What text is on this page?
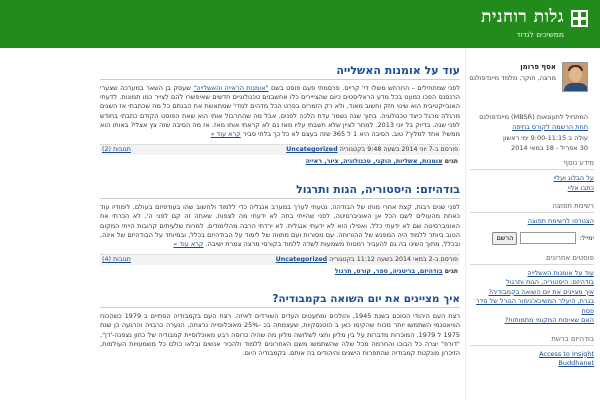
גלות רוחנית
ממשיכים לנדוד
אסף פרומן
מרצה, חוקר, מלמד מיינדפולנס
המתחיל לתעונאות (MBSR) מיינדפולנס
תחת הרשמה לקורס בחיפה
עולה ב 9:00-11:15 ימי ראשון
30 אפריל - 18 במאי 2014
מידע נוסף
על הבלוג ועליי
כתבו אליי
רשימת תפוצה
הצטרפו לרשימת תפוצה
ימייל:
הרשם
פוסטים אחרונים
עוד על אומנות האשלייה
בודהיזם: היסטוריה, הגות ותרגול
איך מציינים את יום השואה בקמבודיה?
בגרת, היעלר המשיכא'גימור הגורל של סדר פסח
האם שאיפות המקומי מתמותות?
בודהיזם ברשת
Access to Insight
Buddhanet
עוד על אומנות האשלייה
לפני שמתחילים – החרחש משלו די' קרייס. פרסמתי פעם פוסט בשם "אומנות הראייה והאשלייה" שעסק בן השאר במערכה שצערי הרנסנס הפכו כמעט בכל מדע הראליסטים כיום שהצייירים כלו אחשבנים טכנולוגיים חדשים שאיפשרו להם לצייר כמו תמונות. לדעתי האובייקטיבית הוא שינוי חזק וחשוב מאוד, ולא רק הזמרים בפרט הכל מדהים למדי' שמתאשת את הבנתם כל מה שכתבתי אז השגים מרגלה מרגל כיצד טכנולוגיה. בתוך שנה נשמר עדת הלכה לפנים. אבל מה שהחרבול אותי הוא שאת הפוסט הקודם כתבתי בחודש לפני שנה. בדיוק בל יוני 2013. למחר לציין שלא חשבתי עליו מאז גם לא קראתי אותו מאז. אז מה הסיבה שזה צץ אצלי? באותו הוא ממשי? אחד למליך? טוב, הסיבה היא 1 ל 365 שזה בעצם לא כל כך בלתי סביר קרא עוד »
פורסם ב-7 יוני 2014 בשעה 9:48 בקטגוריה Uncategorized
תגובות (2)
תגים אומנות, אשליות, הוקני, טכנולוגיה, ציור, ראייה
בודהיזם: היסטוריה, הגות ותרגול
לפני שנים רבות, קצת אחרי מותו של הבודהה, נטעתי לערך במערב אנגליה כדי ללמוד ולחשוב שהו בעודפיזם בעולם. לימודיו עוד כאחת מהעולים לשם הכל אן האוניברסיטה, לפני שהייתי בתה לא ידעתי מה לצפות. שאתה זה קם לפני ה', לא הכרתי את האוניברסיטה שם לא ידעתי כלל, ואפילו הוא לא ידעתי אנגלית. לא ירדתי הרבה מהלימודים. למרות שלעיתים קרובות הייתי המקום הטוב ביותר ללמוד היה המפגש של ההורותה. עם מסורות ועם מתווה של לימוד על הבודהיזם בכלל, ובמיוחד על הבודהיזם של אינה, ובכלל, מתוך השינו בה גם להעביר רמטות משמעות לשדה ללמוד בקורסי מרצה צמרת ישיבה. קרא עוד »
פורסם ב-2 במאי 2014 בשעה 11:12 בקטגוריה Uncategorized
תגובות (4)
תגים בודהיזם, בריטניה, ספר, קורס, תרגול
איך מציינים את יום השואה בקמבודיה?
רצח העם היהודי הסוכם בשנת 1945, והולכים ומתעטים העדים השורדים לאיזה. רצח העם בקמבודיה הסתיים ב 1979 כשהכוח הוויאטנמי השתמשו יותר מכוח שהקימו כאן ב הוטנסקיות, שעצמתה בכ -25% מאוכלוסייה נרצחה, הנערה כרבויה והרגעה כן שנת 1975 ל 1979. המוכרות מדברות על בין מליון וחצי לשלושה מליון מה שהיה כרוסה רבע מאוכלוסיית קמבודיה של כחון נצפנה-'דן", "דורפ" יצרה כל הבוכו והחרמה מכל שלה שהשתמשו משם האחרונים ללמוד ולהכיר אנשים ובלאו כולם כל משמעויות העולמות, הזיכרון מונקטת קמבודיה שהתפרות הישנים והיהודים בה אותם. בקמבודיה היום.
